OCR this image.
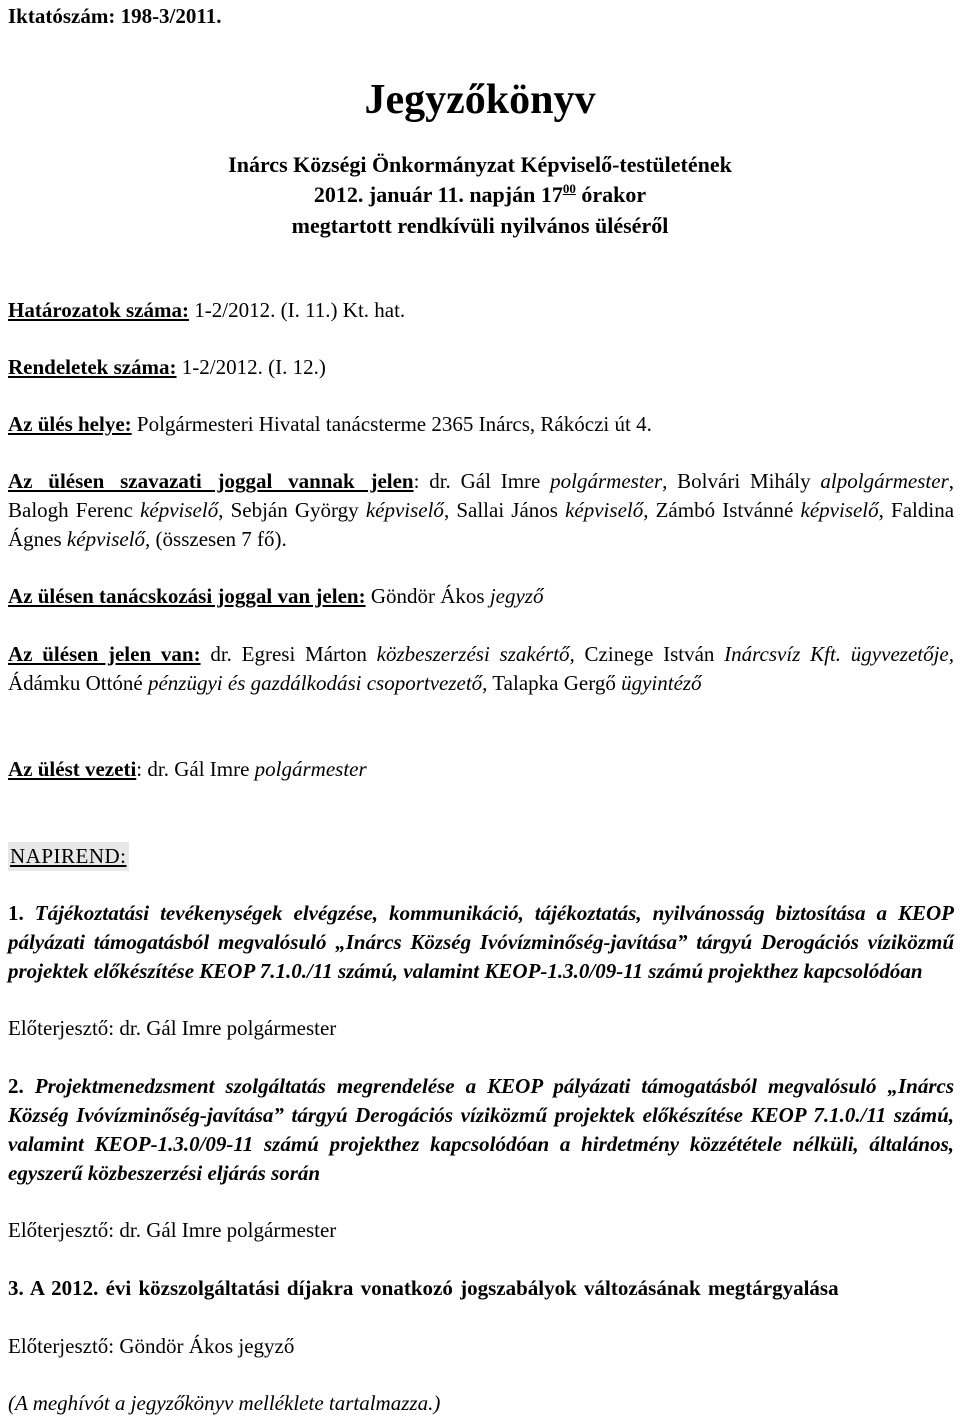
Iktatószám: 198-3/2011.
Jegyzőkönyv
Inárcs Községi Önkormányzat Képviselő-testületének
2012. január 11. napján $17^{00}$ órakor
megtartott rendkívüli nyilvános üléséről
Határozatok száma: 1-2/2012. (I. 11.) Kt. hat.
Rendeletek száma: 1-2/2012. (I. 12.)
Az ülés helye: Polgármesteri Hivatal tanácsterme 2365 Inárcs, Rákóczi út 4.
Az ülésen szavazati joggal vannak jelen: dr. Gál Imre polgármester, Bolvári Mihály alpolgármester, Balogh Ferenc képviselő, Sebján György képviselő, Sallai János képviselő, Zámbó Istvánné képviselő, Faldina Ágnes képviselő, (összesen 7 fő).
Az ülésen tanácskozási joggal van jelen: Göndör Ákos jegyző
Az ülésen jelen van: dr. Egresi Márton közbeszerzési szakértő, Czinege István Inárcsvíz Kft. ügyvezetője, Ádámku Ottóné pénzügyi és gazdálkodási csoportvezető, Talapka Gergő ügyintéző
Az ülést vezeti: dr. Gál Imre polgármester
NAPIREND:
1. Tájékoztatási tevékenységek elvégzése, kommunikáció, tájékoztatás, nyilvánosság biztosítása a KEOP pályázati támogatásból megvalósuló „Inárcs Község Ivóvízminőség-javítása” tárgyú Derogációs víziközmű projektek előkészítése KEOP 7.1.0./11 számú, valamint KEOP-1.3.0/09-11 számú projekthez kapcsolódóan
Előterjesztő: dr. Gál Imre polgármester
2. Projektmenedzsment szolgáltatás megrendelése a KEOP pályázati támogatásból megvalósuló „Inárcs Község Ivóvízminőség-javítása” tárgyú Derogációs víziközmű projektek előkészítése KEOP 7.1.0./11 számú, valamint KEOP-1.3.0/09-11 számú projekthez kapcsolódóan a hirdetmény közzététele nélküli, általános, egyszerű közbeszerzési eljárás során
Előterjesztő: dr. Gál Imre polgármester
3. A 2012. évi közszolgáltatási díjakra vonatkozó jogszabályok változásának megtárgyalása
Előterjesztő: Göndör Ákos jegyző
(A meghívót a jegyzőkönyv melléklete tartalmazza.)
